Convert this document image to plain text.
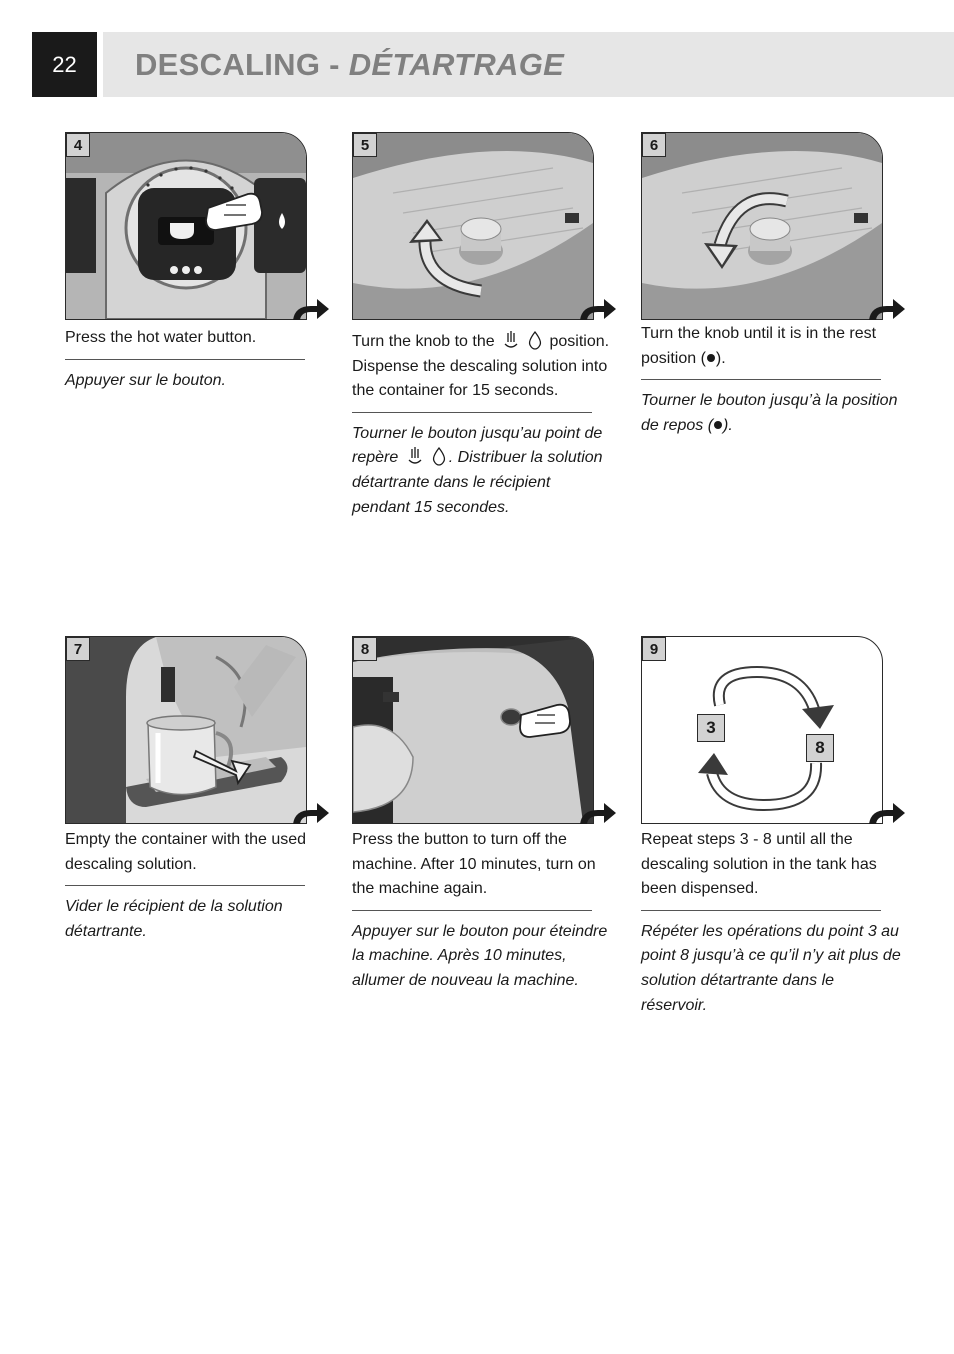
22	DESCALING - DÉTARTRAGE
4
Press the hot water button.
Appuyer sur le bouton.
5
Turn the knob to the	position. Dispense the descaling solution into the container for 15 seconds.
Tourner le bouton jusqu’au point de repère	. Distribuer la solution détartrante dans le récipient pendant 15 secondes.
6
Turn the knob until it is in the rest position ( ).
Tourner le bouton jusqu’à la position de repos ( ).
7
Empty the container with the used descaling solution.
Vider le récipient de la solution détartrante.
8
Press the button to turn off the machine. After 10 minutes, turn on the machine again.
Appuyer sur le bouton pour éteindre la machine. Après 10 minutes, allumer de nouveau la machine.
9
3
8
Repeat steps 3 - 8 until all the descaling solution in the tank has been dispensed.
Répéter les opérations du point 3 au point 8 jusqu’à ce qu’il n’y ait plus de solution détartrante dans le réservoir.
